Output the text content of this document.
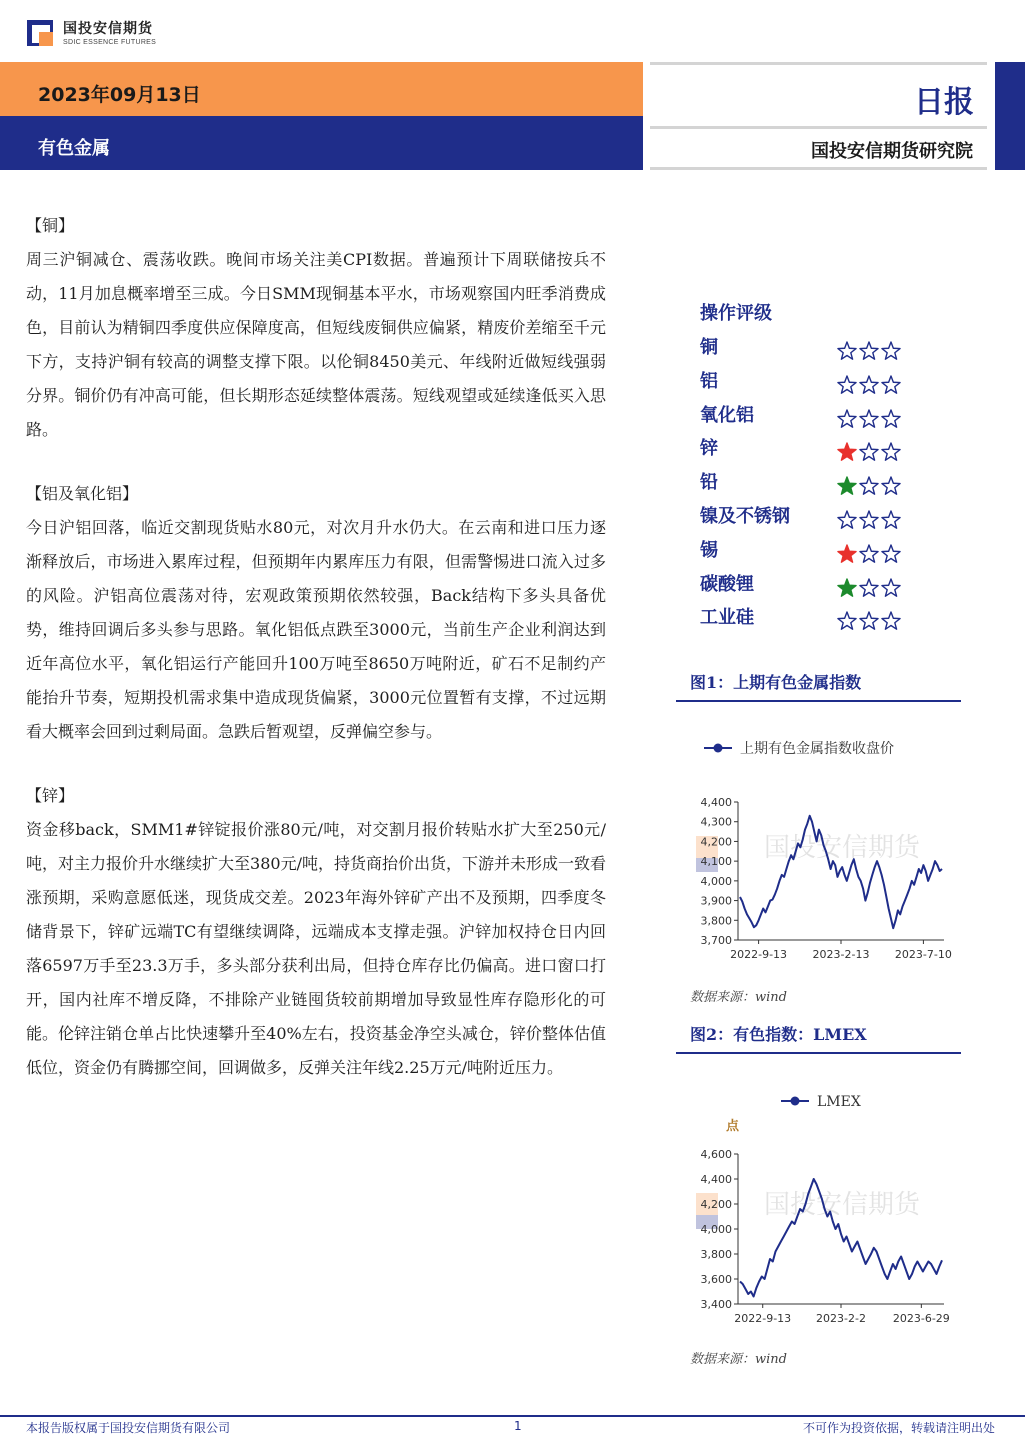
国投安信期货
SDIC ESSENCE FUTURES
2023年09月13日
有色金属
日报
国投安信期货研究院
【铜】

周三沪铜减仓、震荡收跌。晚间市场关注美CPI数据。普遍预计下周联储按兵不动，11月加息概率增至三成。今日SMM现铜基本平水，市场观察国内旺季消费成色，目前认为精铜四季度供应保障度高，但短线废铜供应偏紧，精废价差缩至千元下方，支持沪铜有较高的调整支撑下限。以伦铜8450美元、年线附近做短线强弱分界。铜价仍有冲高可能，但长期形态延续整体震荡。短线观望或延续逢低买入思路。

【铝及氧化铝】

今日沪铝回落，临近交割现货贴水80元，对次月升水仍大。在云南和进口压力逐渐释放后，市场进入累库过程，但预期年内累库压力有限，但需警惕进口流入过多的风险。沪铝高位震荡对待，宏观政策预期依然较强，Back结构下多头具备优势，维持回调后多头参与思路。氧化铝低点跌至3000元，当前生产企业利润达到近年高位水平，氧化铝运行产能回升100万吨至8650万吨附近，矿石不足制约产能抬升节奏，短期投机需求集中造成现货偏紧，3000元位置暂有支撑，不过远期看大概率会回到过剩局面。急跌后暂观望，反弹偏空参与。

【锌】

资金移back，SMM1#锌锭报价涨80元/吨，对交割月报价转贴水扩大至250元/吨，对主力报价升水继续扩大至380元/吨，持货商抬价出货，下游并未形成一致看涨预期，采购意愿低迷，现货成交差。2023年海外锌矿产出不及预期，四季度冬储背景下，锌矿远端TC有望继续调降，远端成本支撑走强。沪锌加权持仓日内回落6597万手至23.3万手，多头部分获利出局，但持仓库存比仍偏高。进口窗口打开，国内社库不增反降，不排除产业链囤货较前期增加导致显性库存隐形化的可能。伦锌注销仓单占比快速攀升至40%左右，投资基金净空头减仓，锌价整体估值低位，资金仍有腾挪空间，回调做多，反弹关注年线2.25万元/吨附近压力。

操作评级
铜
铝
氧化铝
锌
铅
镍及不锈钢
锡
碳酸锂
工业硅
图1：上期有色金属指数
上期有色金属指数收盘价
国投安信期货
3,700
3,800
3,900
4,000
4,100
4,200
4,300
4,400
2022-9-13 2023-2-13 2023-7-10
数据来源：wind
图2：有色指数：LMEX
LMEX
点
国投安信期货
3,400
3,600
3,800
4,000
4,200
4,400
4,600
2022-9-13 2023-2-2 2023-6-29
数据来源：wind
本报告版权属于国投安信期货有限公司	1	不可作为投资依据，转载请注明出处
